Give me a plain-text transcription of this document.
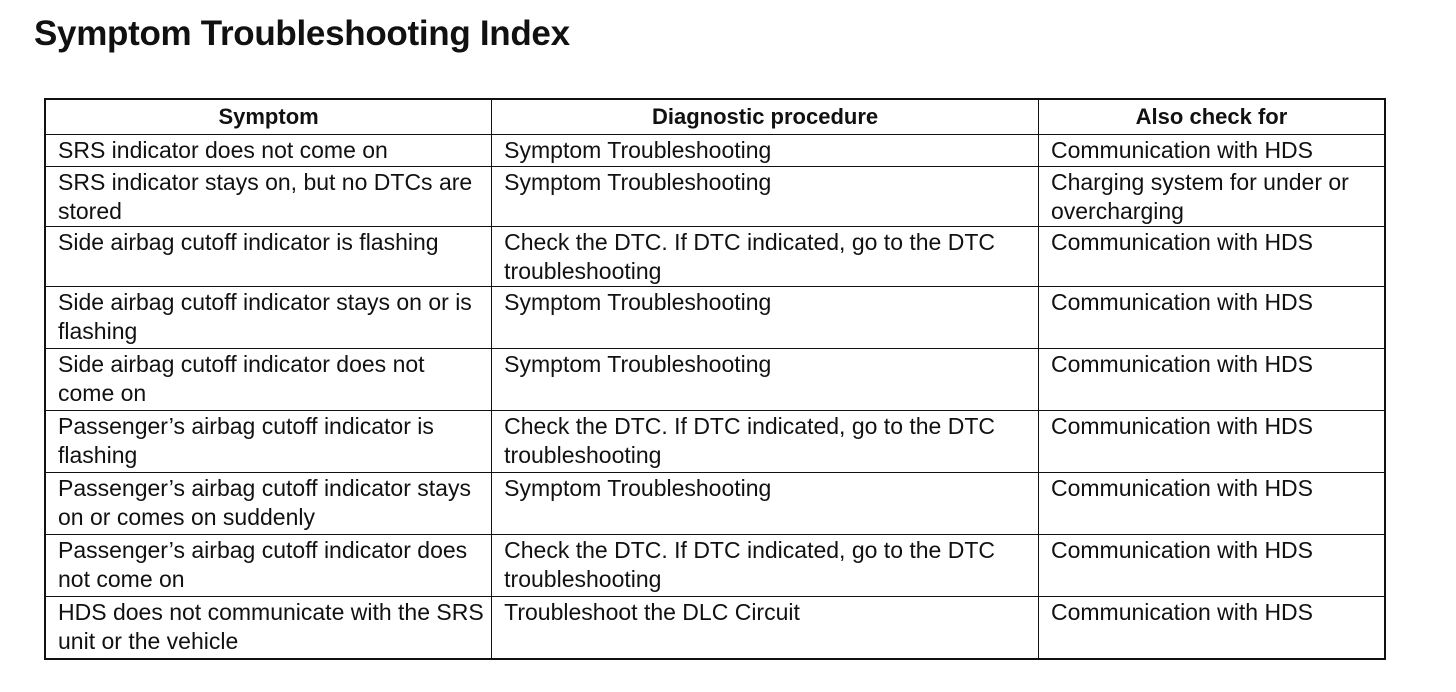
Symptom Troubleshooting Index
Symptom	Diagnostic procedure	Also check for
SRS indicator does not come on	Symptom Troubleshooting	Communication with HDS
SRS indicator stays on, but no DTCs are stored	Symptom Troubleshooting	Charging system for under or overcharging
Side airbag cutoff indicator is flashing	Check the DTC. If DTC indicated, go to the DTC troubleshooting	Communication with HDS
Side airbag cutoff indicator stays on or is flashing	Symptom Troubleshooting	Communication with HDS
Side airbag cutoff indicator does not come on	Symptom Troubleshooting	Communication with HDS
Passenger’s airbag cutoff indicator is flashing	Check the DTC. If DTC indicated, go to the DTC troubleshooting	Communication with HDS
Passenger’s airbag cutoff indicator stays on or comes on suddenly	Symptom Troubleshooting	Communication with HDS
Passenger’s airbag cutoff indicator does not come on	Check the DTC. If DTC indicated, go to the DTC troubleshooting	Communication with HDS
HDS does not communicate with the SRS unit or the vehicle	Troubleshoot the DLC Circuit	Communication with HDS
